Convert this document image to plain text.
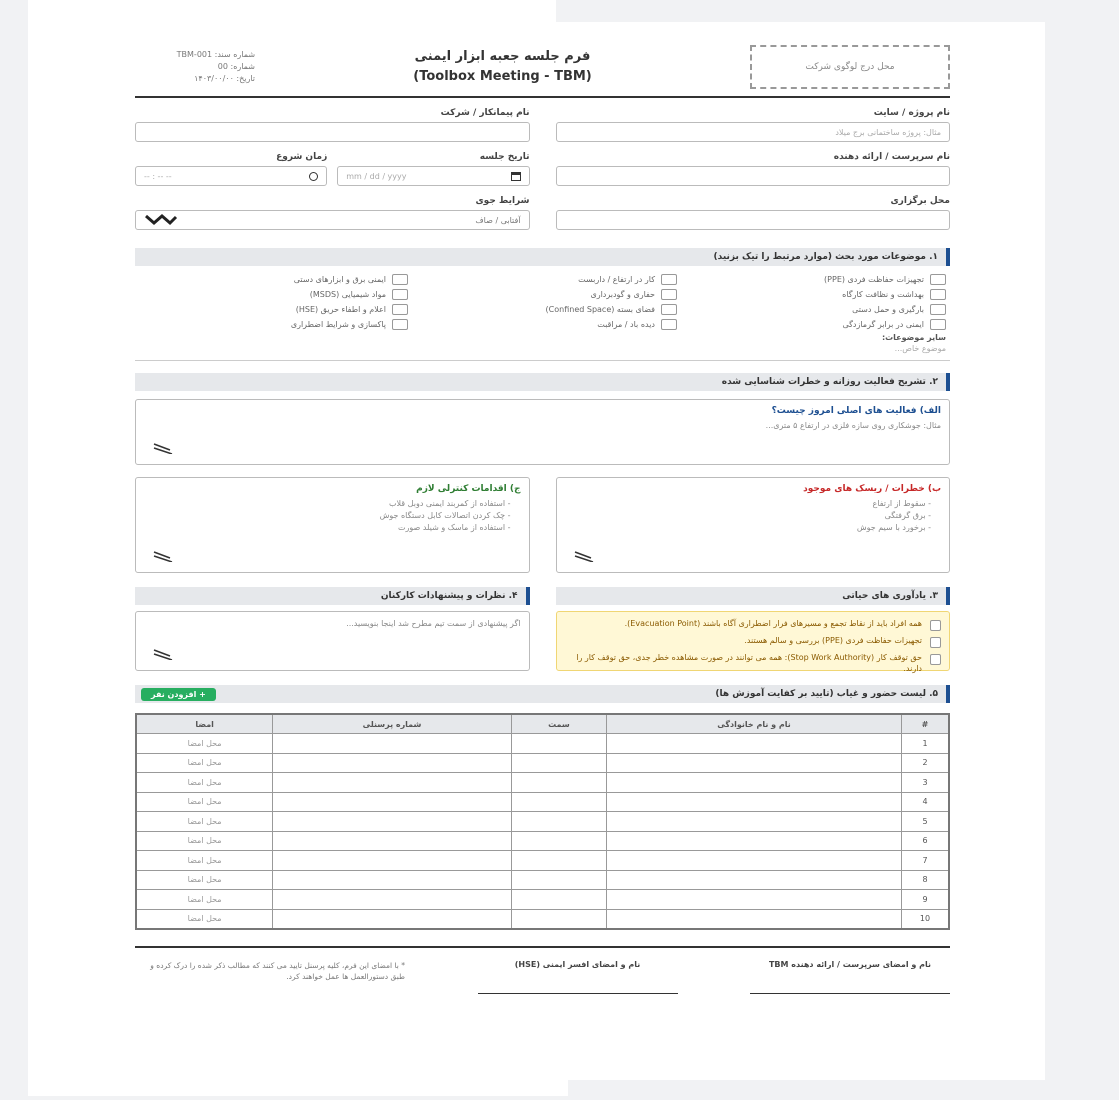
محل درج لوگوی شرکت
فرم جلسه جعبه ابزار ایمنی
(Toolbox Meeting - TBM)
شماره سند: TBM-001
شماره: 00
تاریخ: ۱۴۰۳/۰۰/۰۰
نام پروژه / سایت
مثال: پروژه ساختمانی برج میلاد
نام پیمانکار / شرکت
نام سرپرست / ارائه دهنده
تاریخ جلسه
mm / dd / yyyy
زمان شروع
-- : -- --
محل برگزاری
شرایط جوی
آفتابی / صاف
۱. موضوعات مورد بحث (موارد مرتبط را تیک بزنید)
تجهیزات حفاظت فردی (PPE)
کار در ارتفاع / داربست
ایمنی برق و ابزارهای دستی
بهداشت و نظافت کارگاه
حفاری و گودبرداری
مواد شیمیایی (MSDS)
بارگیری و حمل دستی
فضای بسته (Confined Space)
اعلام و اطفاء حریق (HSE)
ایمنی در برابر گرمازدگی
دیده باد / مراقبت
پاکسازی و شرایط اضطراری
سایر موضوعات:
موضوع خاص...
۲. تشریح فعالیت روزانه و خطرات شناسایی شده
الف) فعالیت های اصلی امروز چیست؟
مثال: جوشکاری روی سازه فلزی در ارتفاع ۵ متری...
ب) خطرات / ریسک های موجود
- سقوط از ارتفاع
- برق گرفتگی
- برخورد با سیم جوش
ج) اقدامات کنترلی لازم
- استفاده از کمربند ایمنی دوبل قلاب
- چک کردن اتصالات کابل دستگاه جوش
- استفاده از ماسک و شیلد صورت
۳. یادآوری های حیاتی
همه افراد باید از نقاط تجمع و مسیرهای فرار اضطراری آگاه باشند (Evacuation Point).
تجهیزات حفاظت فردی (PPE) بررسی و سالم هستند.
حق توقف کار (Stop Work Authority): همه می توانند در صورت مشاهده خطر جدی، حق توقف کار را دارند.
۴. نظرات و پیشنهادات کارکنان
اگر پیشنهادی از سمت تیم مطرح شد اینجا بنویسید...
۵. لیست حضور و غیاب (تایید بر کفایت آموزش ها)
+ افزودن نفر
#	نام و نام خانوادگی	سمت	شماره پرسنلی	امضا
1				محل امضا
2				محل امضا
3				محل امضا
4				محل امضا
5				محل امضا
6				محل امضا
7				محل امضا
8				محل امضا
9				محل امضا
10				محل امضا
نام و امضای سرپرست / ارائه دهنده TBM
نام و امضای افسر ایمنی (HSE)
* با امضای این فرم، کلیه پرسنل تایید می کنند که مطالب ذکر شده را درک کرده و طبق دستورالعمل ها عمل خواهند کرد.
